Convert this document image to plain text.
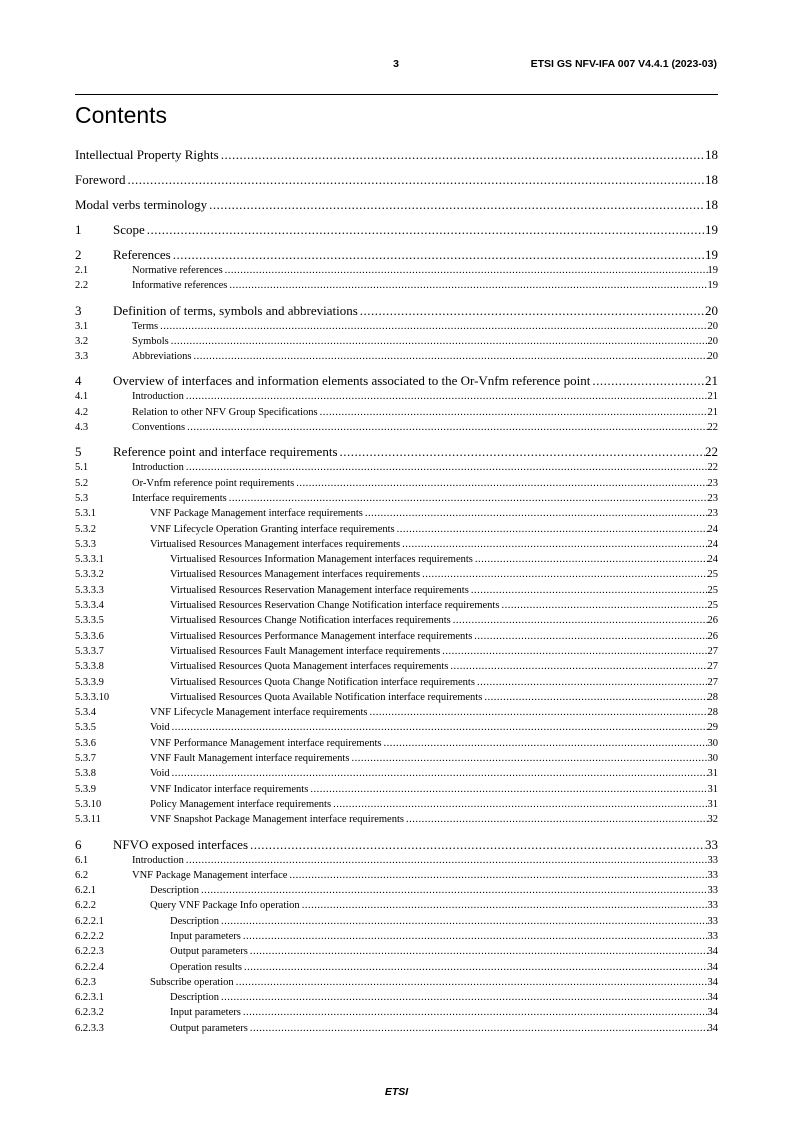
3	ETSI GS NFV-IFA 007 V4.4.1 (2023-03)
Contents
Intellectual Property Rights .....	18
Foreword .....	18
Modal verbs terminology .....	18
1	Scope .....	19
2	References .....	19
2.1	Normative references .....	19
2.2	Informative references .....	19
3	Definition of terms, symbols and abbreviations .....	20
3.1	Terms .....	20
3.2	Symbols .....	20
3.3	Abbreviations .....	20
4	Overview of interfaces and information elements associated to the Or-Vnfm reference point .....	21
4.1	Introduction .....	21
4.2	Relation to other NFV Group Specifications .....	21
4.3	Conventions .....	22
5	Reference point and interface requirements .....	22
5.1	Introduction .....	22
5.2	Or-Vnfm reference point requirements .....	23
5.3	Interface requirements .....	23
5.3.1	VNF Package Management interface requirements .....	23
5.3.2	VNF Lifecycle Operation Granting interface requirements .....	24
5.3.3	Virtualised Resources Management interfaces requirements .....	24
5.3.3.1	Virtualised Resources Information Management interfaces requirements .....	24
5.3.3.2	Virtualised Resources Management interfaces requirements .....	25
5.3.3.3	Virtualised Resources Reservation Management interface requirements .....	25
5.3.3.4	Virtualised Resources Reservation Change Notification interface requirements .....	25
5.3.3.5	Virtualised Resources Change Notification interfaces requirements .....	26
5.3.3.6	Virtualised Resources Performance Management interface requirements .....	26
5.3.3.7	Virtualised Resources Fault Management interface requirements .....	27
5.3.3.8	Virtualised Resources Quota Management interfaces requirements .....	27
5.3.3.9	Virtualised Resources Quota Change Notification interface requirements .....	27
5.3.3.10	Virtualised Resources Quota Available Notification interface requirements .....	28
5.3.4	VNF Lifecycle Management interface requirements .....	28
5.3.5	Void .....	29
5.3.6	VNF Performance Management interface requirements .....	30
5.3.7	VNF Fault Management interface requirements .....	30
5.3.8	Void .....	31
5.3.9	VNF Indicator interface requirements .....	31
5.3.10	Policy Management interface requirements .....	31
5.3.11	VNF Snapshot Package Management interface requirements .....	32
6	NFVO exposed interfaces .....	33
6.1	Introduction .....	33
6.2	VNF Package Management interface .....	33
6.2.1	Description .....	33
6.2.2	Query VNF Package Info operation .....	33
6.2.2.1	Description .....	33
6.2.2.2	Input parameters .....	33
6.2.2.3	Output parameters .....	34
6.2.2.4	Operation results .....	34
6.2.3	Subscribe operation .....	34
6.2.3.1	Description .....	34
6.2.3.2	Input parameters .....	34
6.2.3.3	Output parameters .....	34
ETSI
